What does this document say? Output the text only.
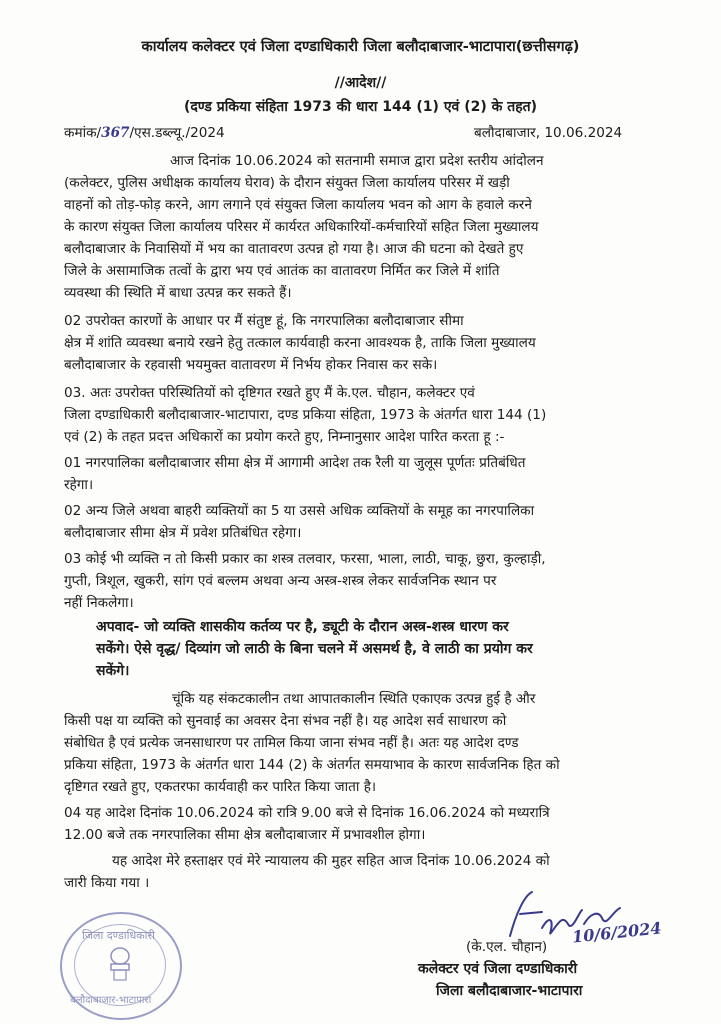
कार्यालय कलेक्टर एवं जिला दण्डाधिकारी जिला बलौदाबाजार-भाटापारा(छत्तीसगढ़)
//आदेश//
(दण्ड प्रकिया संहिता 1973 की धारा 144 (1) एवं (2) के तहत)
कमांक/367/एस.डब्ल्यू./2024	बलौदाबाजार, 10.06.2024
आज दिनांक 10.06.2024 को सतनामी समाज द्वारा प्रदेश स्तरीय आंदोलन
(कलेक्टर, पुलिस अधीक्षक कार्यालय घेराव) के दौरान संयुक्त जिला कार्यालय परिसर में खड़ी
वाहनों को तोड़-फोड़ करने, आग लगाने एवं संयुक्त जिला कार्यालय भवन को आग के हवाले करने
के कारण संयुक्त जिला कार्यालय परिसर में कार्यरत अधिकारियों-कर्मचारियों सहित जिला मुख्यालय
बलौदाबाजार के निवासियों में भय का वातावरण उत्पन्न हो गया है। आज की घटना को देखते हुए
जिले के असामाजिक तत्वों के द्वारा भय एवं आतंक का वातावरण निर्मित कर जिले में शांति
व्यवस्था की स्थिति में बाधा उत्पन्न कर सकते हैं।
02 उपरोक्त कारणों के आधार पर मैं संतुष्ट हूं, कि नगरपालिका बलौदाबाजार सीमा
क्षेत्र में शांति व्यवस्था बनाये रखने हेतु तत्काल कार्यवाही करना आवश्यक है, ताकि जिला मुख्यालय
बलौदाबाजार के रहवासी भयमुक्त वातावरण में निर्भय होकर निवास कर सके।
03. अतः उपरोक्त परिस्थितियों को दृष्टिगत रखते हुए मैं के.एल. चौहान, कलेक्टर एवं
जिला दण्डाधिकारी बलौदाबाजार-भाटापारा, दण्ड प्रकिया संहिता, 1973 के अंतर्गत धारा 144 (1)
एवं (2) के तहत प्रदत्त अधिकारों का प्रयोग करते हुए, निम्नानुसार आदेश पारित करता हू :-
01 नगरपालिका बलौदाबाजार सीमा क्षेत्र में आगामी आदेश तक रैली या जुलूस पूर्णतः प्रतिबंधित
रहेगा।
02 अन्य जिले अथवा बाहरी व्यक्तियों का 5 या उससे अधिक व्यक्तियों के समूह का नगरपालिका
बलौदाबाजार सीमा क्षेत्र में प्रवेश प्रतिबंधित रहेगा।
03 कोई भी व्यक्ति न तो किसी प्रकार का शस्त्र तलवार, फरसा, भाला, लाठी, चाकू, छुरा, कुल्हाड़ी,
गुप्ती, त्रिशूल, खुकरी, सांग एवं बल्लम अथवा अन्य अस्त्र-शस्त्र लेकर सार्वजनिक स्थान पर
नहीं निकलेगा।
अपवाद- जो व्यक्ति शासकीय कर्तव्य पर है, ड्यूटी के दौरान अस्त्र-शस्त्र धारण कर
सकेंगे। ऐसे वृद्ध/ दिव्यांग जो लाठी के बिना चलने में असमर्थ है, वे लाठी का प्रयोग कर
सकेंगे।
चूंकि यह संकटकालीन तथा आपातकालीन स्थिति एकाएक उत्पन्न हुई है और
किसी पक्ष या व्यक्ति को सुनवाई का अवसर देना संभव नहीं है। यह आदेश सर्व साधारण को
संबोधित है एवं प्रत्येक जनसाधारण पर तामिल किया जाना संभव नहीं है। अतः यह आदेश दण्ड
प्रकिया संहिता, 1973 के अंतर्गत धारा 144 (2) के अंतर्गत समयाभाव के कारण सार्वजनिक हित को
दृष्टिगत रखते हुए, एकतरफा कार्यवाही कर पारित किया जाता है।
04 यह आदेश दिनांक 10.06.2024 को रात्रि 9.00 बजे से दिनांक 16.06.2024 को मध्यरात्रि
12.00 बजे तक नगरपालिका सीमा क्षेत्र बलौदाबाजार में प्रभावशील होगा।
यह आदेश मेरे हस्ताक्षर एवं मेरे न्यायालय की मुहर सहित आज दिनांक 10.06.2024 को
जारी किया गया ।
10/6/2024
(के.एल. चौहान)
कलेक्टर एवं जिला दण्डाधिकारी
जिला बलौदाबाजार-भाटापारा
जिला दण्डाधिकारी
बलौदाबाजार-भाटापारा
